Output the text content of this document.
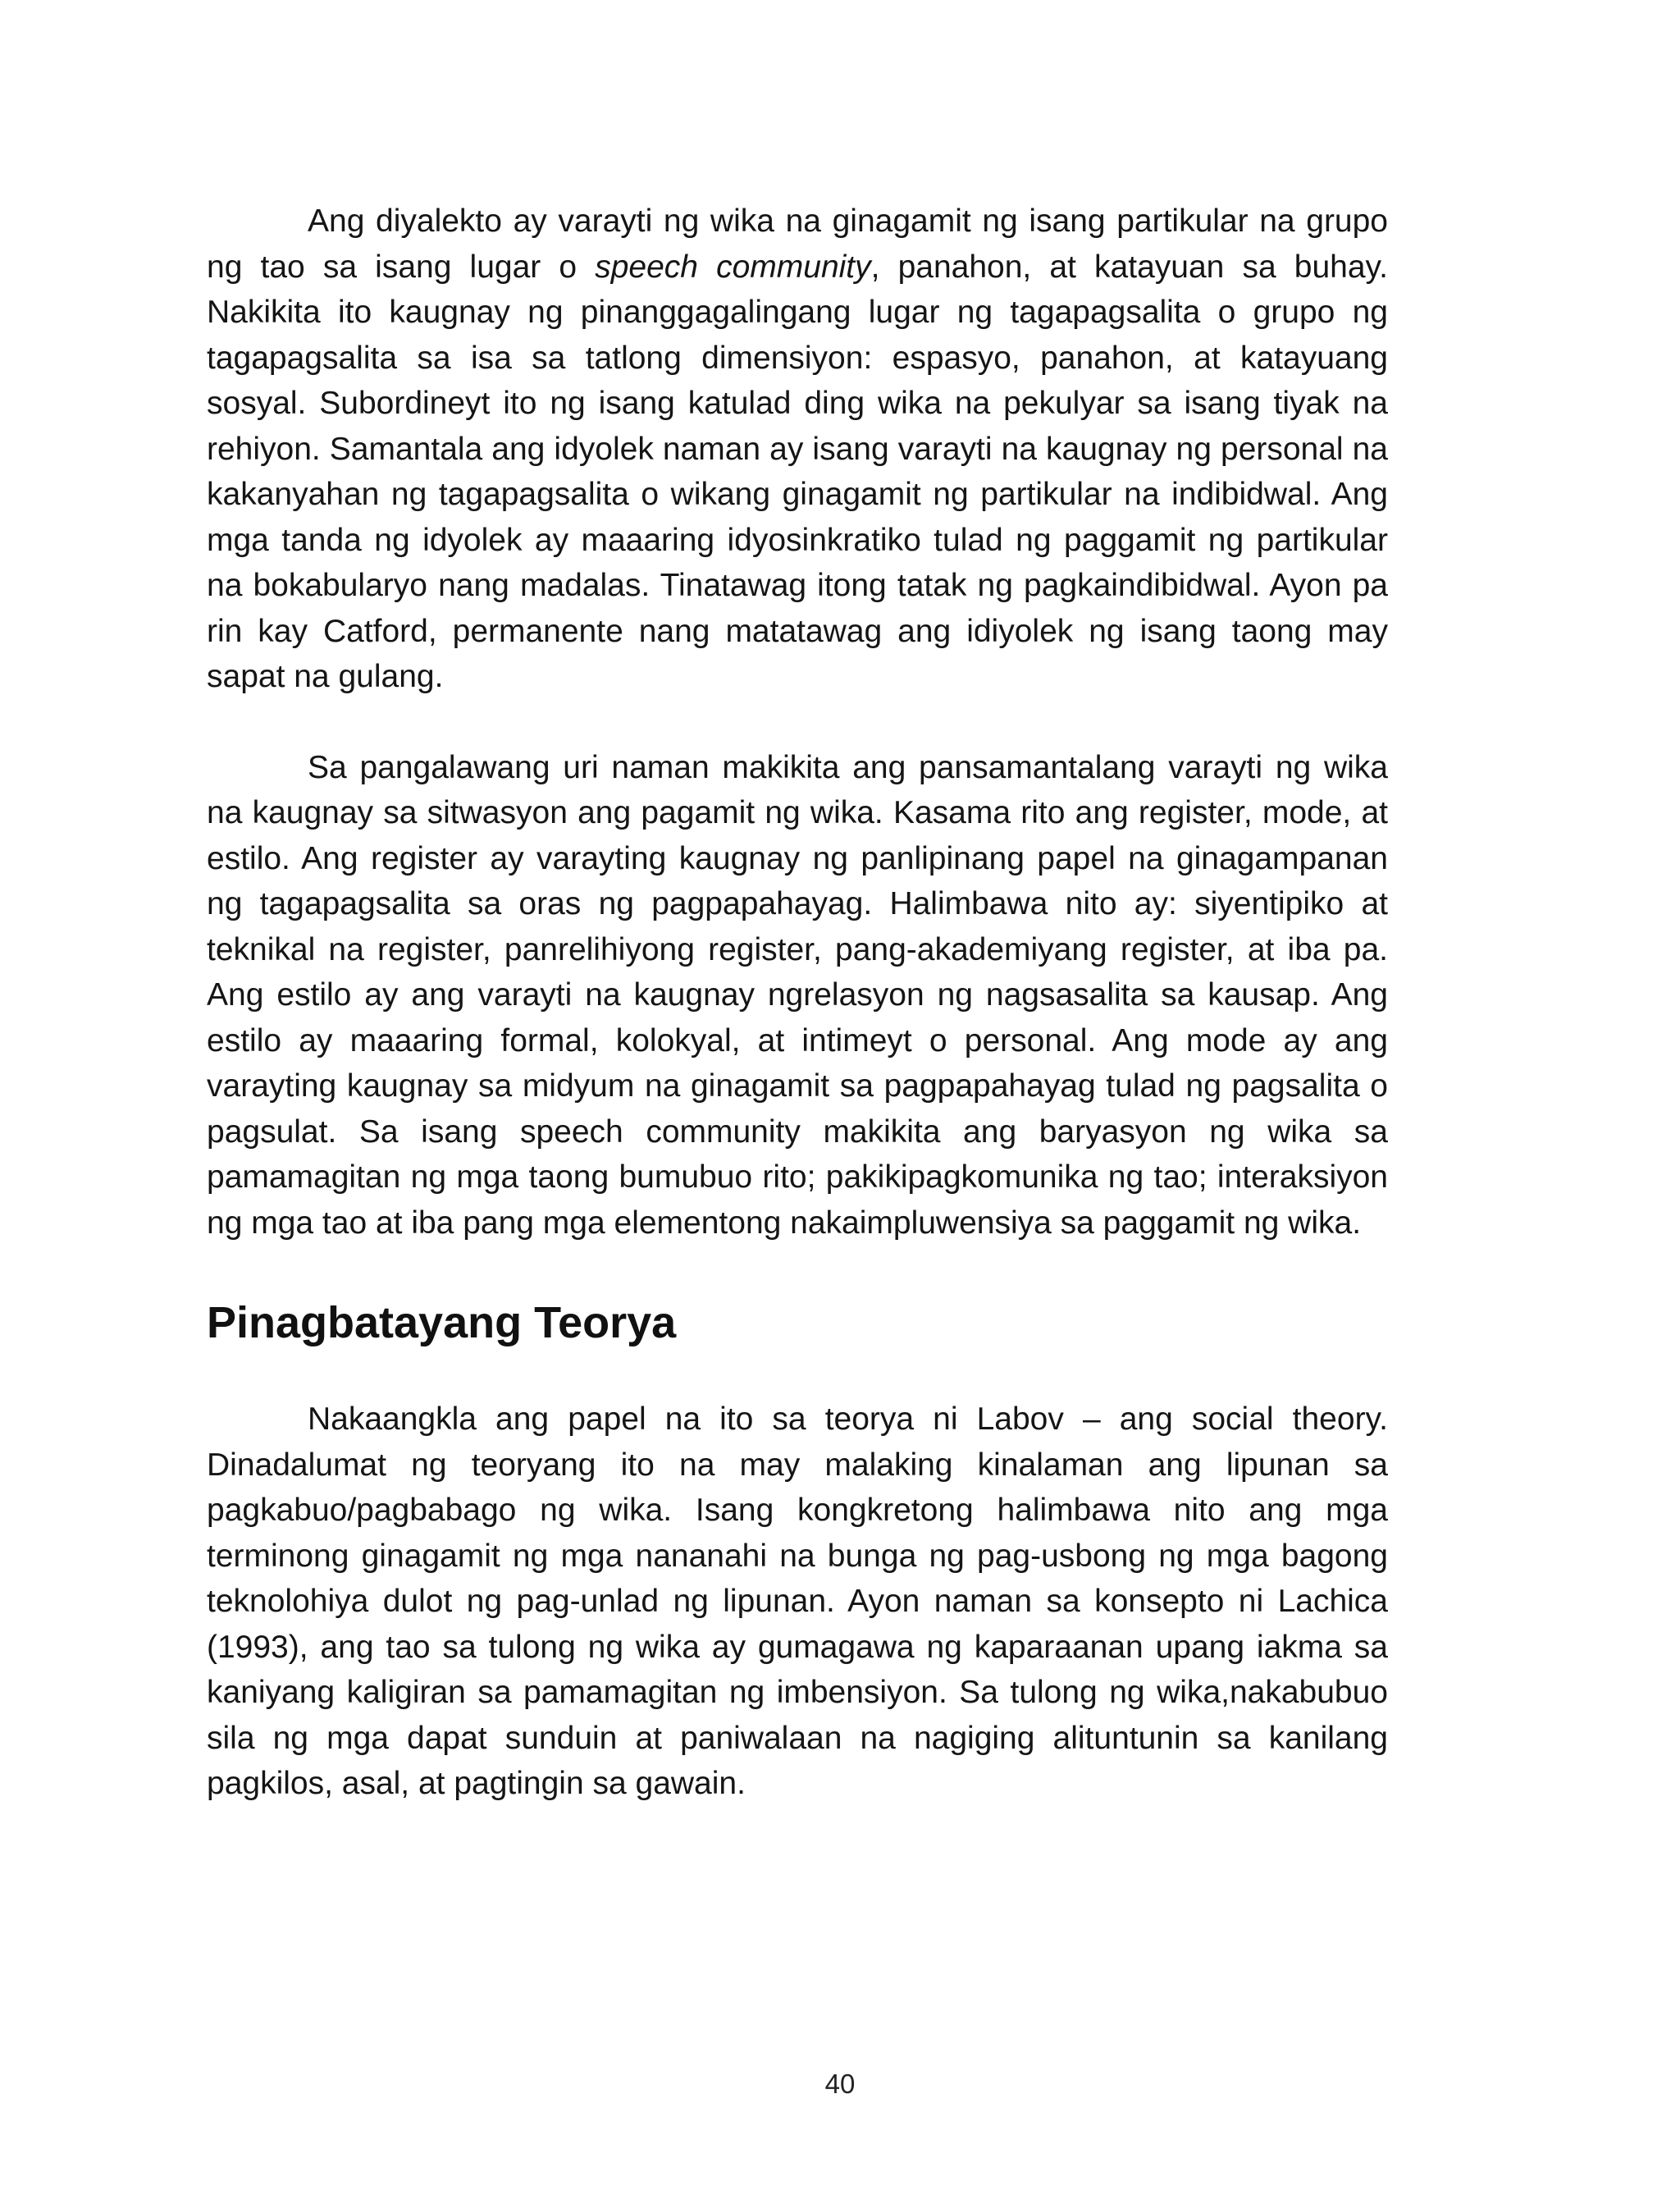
Ang diyalekto ay varayti ng wika na ginagamit ng isang partikular na grupo ng tao sa isang lugar o speech community, panahon, at katayuan sa buhay. Nakikita ito kaugnay ng pinanggagalingang lugar ng tagapagsalita o grupo ng tagapagsalita sa isa sa tatlong dimensiyon: espasyo, panahon, at katayuang sosyal. Subordineyt ito ng isang katulad ding wika na pekulyar sa isang tiyak na rehiyon. Samantala ang idyolek naman ay isang varayti na kaugnay ng personal na kakanyahan ng tagapagsalita o wikang ginagamit ng partikular na indibidwal. Ang mga tanda ng idyolek ay maaaring idyosinkratiko tulad ng paggamit ng partikular na bokabularyo nang madalas. Tinatawag itong tatak ng pagkaindibidwal. Ayon pa rin kay Catford, permanente nang matatawag ang idiyolek ng isang taong may sapat na gulang.

Sa pangalawang uri naman makikita ang pansamantalang varayti ng wika na kaugnay sa sitwasyon ang pagamit ng wika. Kasama rito ang register, mode, at estilo. Ang register ay varayting kaugnay ng panlipinang papel na ginagampanan ng tagapagsalita sa oras ng pagpapahayag. Halimbawa nito ay: siyentipiko at teknikal na register, panrelihiyong register, pang-akademiyang register, at iba pa. Ang estilo ay ang varayti na kaugnay ngrelasyon ng nagsasalita sa kausap. Ang estilo ay maaaring formal, kolokyal, at intimeyt o personal. Ang mode ay ang varayting kaugnay sa midyum na ginagamit sa pagpapahayag tulad ng pagsalita o pagsulat. Sa isang speech community makikita ang baryasyon ng wika sa pamamagitan ng mga taong bumubuo rito; pakikipagkomunika ng tao; interaksiyon ng mga tao at iba pang mga elementong nakaimpluwensiya sa paggamit ng wika.

Pinagbatayang Teorya

Nakaangkla ang papel na ito sa teorya ni Labov – ang social theory. Dinadalumat ng teoryang ito na may malaking kinalaman ang lipunan sa pagkabuo/pagbabago ng wika. Isang kongkretong halimbawa nito ang mga terminong ginagamit ng mga nananahi na bunga ng pag-usbong ng mga bagong teknolohiya dulot ng pag-unlad ng lipunan. Ayon naman sa konsepto ni Lachica (1993), ang tao sa tulong ng wika ay gumagawa ng kaparaanan upang iakma sa kaniyang kaligiran sa pamamagitan ng imbensiyon. Sa tulong ng wika,nakabubuo sila ng mga dapat sunduin at paniwalaan na nagiging alituntunin sa kanilang pagkilos, asal, at pagtingin sa gawain.

40
